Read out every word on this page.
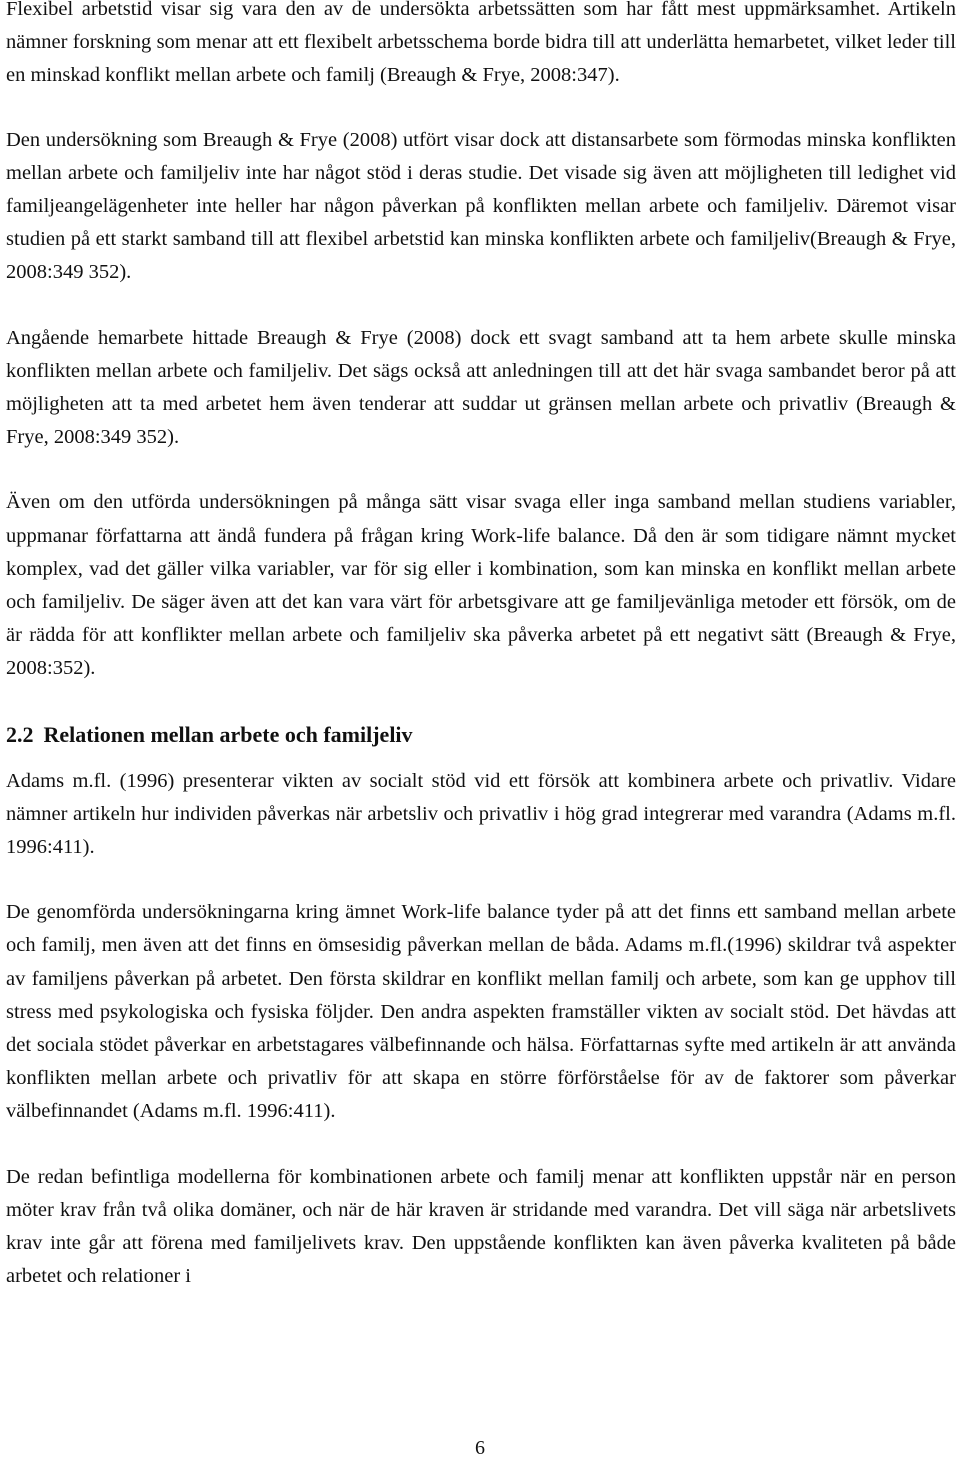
Flexibel arbetstid visar sig vara den av de undersökta arbetssätten som har fått mest uppmärksamhet. Artikeln nämner forskning som menar att ett flexibelt arbetsschema borde bidra till att underlätta hemarbetet, vilket leder till en minskad konflikt mellan arbete och familj (Breaugh & Frye, 2008:347).

Den undersökning som Breaugh & Frye (2008) utfört visar dock att distansarbete som förmodas minska konflikten mellan arbete och familjeliv inte har något stöd i deras studie. Det visade sig även att möjligheten till ledighet vid familjeangelägenheter inte heller har någon påverkan på konflikten mellan arbete och familjeliv. Däremot visar studien på ett starkt samband till att flexibel arbetstid kan minska konflikten arbete och familjeliv(Breaugh & Frye, 2008:349 352).

Angående hemarbete hittade Breaugh & Frye (2008) dock ett svagt samband att ta hem arbete skulle minska konflikten mellan arbete och familjeliv. Det sägs också att anledningen till att det här svaga sambandet beror på att möjligheten att ta med arbetet hem även tenderar att suddar ut gränsen mellan arbete och privatliv (Breaugh & Frye, 2008:349 352).

Även om den utförda undersökningen på många sätt visar svaga eller inga samband mellan studiens variabler, uppmanar författarna att ändå fundera på frågan kring Work-life balance. Då den är som tidigare nämnt mycket komplex, vad det gäller vilka variabler, var för sig eller i kombination, som kan minska en konflikt mellan arbete och familjeliv. De säger även att det kan vara värt för arbetsgivare att ge familjevänliga metoder ett försök, om de är rädda för att konflikter mellan arbete och familjeliv ska påverka arbetet på ett negativt sätt (Breaugh & Frye, 2008:352).

2.2 Relationen mellan arbete och familjeliv

Adams m.fl. (1996) presenterar vikten av socialt stöd vid ett försök att kombinera arbete och privatliv. Vidare nämner artikeln hur individen påverkas när arbetsliv och privatliv i hög grad integrerar med varandra (Adams m.fl. 1996:411).

De genomförda undersökningarna kring ämnet Work-life balance tyder på att det finns ett samband mellan arbete och familj, men även att det finns en ömsesidig påverkan mellan de båda. Adams m.fl.(1996) skildrar två aspekter av familjens påverkan på arbetet. Den första skildrar en konflikt mellan familj och arbete, som kan ge upphov till stress med psykologiska och fysiska följder. Den andra aspekten framställer vikten av socialt stöd. Det hävdas att det sociala stödet påverkar en arbetstagares välbefinnande och hälsa. Författarnas syfte med artikeln är att använda konflikten mellan arbete och privatliv för att skapa en större förförståelse för av de faktorer som påverkar välbefinnandet (Adams m.fl. 1996:411).

De redan befintliga modellerna för kombinationen arbete och familj menar att konflikten uppstår när en person möter krav från två olika domäner, och när de här kraven är stridande med varandra. Det vill säga när arbetslivets krav inte går att förena med familjelivets krav. Den uppstående konflikten kan även påverka kvaliteten på både arbetet och relationer i

6
